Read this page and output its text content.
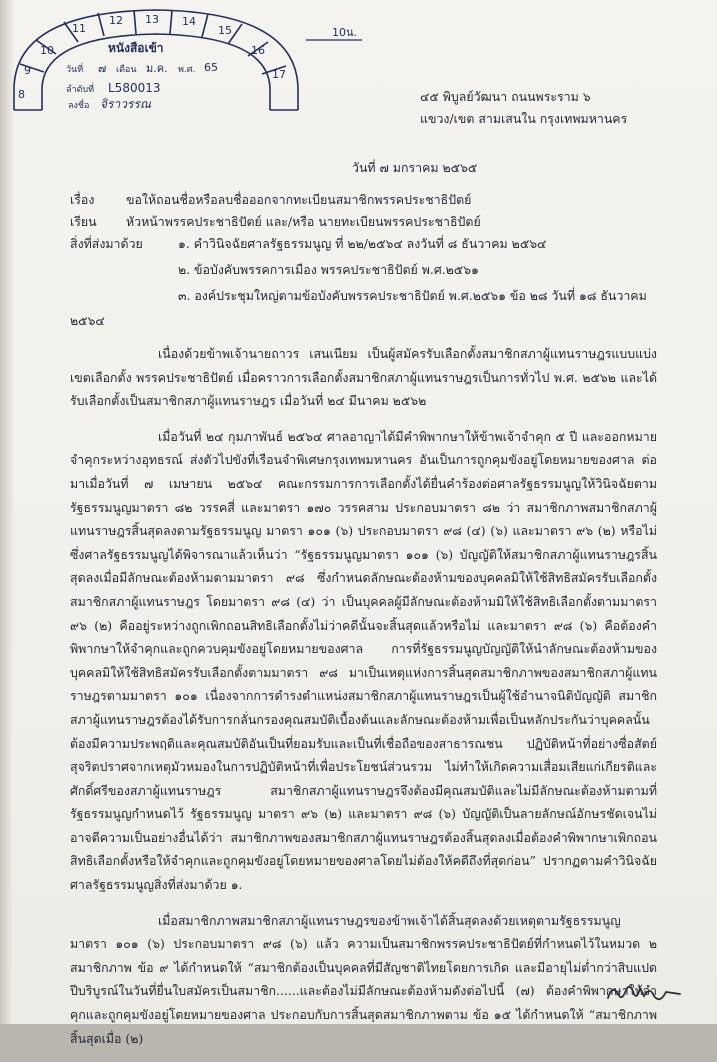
8
9
10
11
12 13 14
15
16
17
หนังสือเข้า
วันที่ ๗ เดือน ม.ค. พ.ศ. 65
ลำดับที่ L580013
ลงชื่อ จิราวรรณ
10น.
๔๕ พิบูลย์วัฒนา ถนนพระราม ๖
แขวง/เขต สามเสนใน กรุงเทพมหานคร
วันที่ ๗ มกราคม ๒๕๖๕
เรื่อง	ขอให้ถอนชื่อหรือลบชื่อออกจากทะเบียนสมาชิกพรรคประชาธิปัตย์
เรียน หัวหน้าพรรคประชาธิปัตย์ และ/หรือ นายทะเบียนพรรคประชาธิปัตย์
สิ่งที่ส่งมาด้วย	๑. คำวินิจฉัยศาลรัฐธรรมนูญ ที่ ๒๒/๒๕๖๔ ลงวันที่ ๘ ธันวาคม ๒๕๖๔
๒. ข้อบังคับพรรคการเมือง พรรคประชาธิปัตย์ พ.ศ.๒๕๖๑
๓. องค์ประชุมใหญ่ตามข้อบังคับพรรคประชาธิปัตย์ พ.ศ.๒๕๖๑ ข้อ ๒๘ วันที่ ๑๘ ธันวาคม
๒๕๖๔

เนื่องด้วยข้าพเจ้านายถาวร เสนเนียม เป็นผู้สมัครรับเลือกตั้งสมาชิกสภาผู้แทนราษฎรแบบแบ่งเขตเลือกตั้ง พรรคประชาธิปัตย์ เมื่อคราวการเลือกตั้งสมาชิกสภาผู้แทนราษฎรเป็นการทั่วไป พ.ศ. ๒๕๖๒ และได้รับเลือกตั้งเป็นสมาชิกสภาผู้แทนราษฎร เมื่อวันที่ ๒๔ มีนาคม ๒๕๖๒

เมื่อวันที่ ๒๔ กุมภาพันธ์ ๒๕๖๔ ศาลอาญาได้มีคำพิพากษาให้ข้าพเจ้าจำคุก ๕ ปี และออกหมายจำคุกระหว่างอุทธรณ์ ส่งตัวไปขังที่เรือนจำพิเศษกรุงเทพมหานคร อันเป็นการถูกคุมขังอยู่โดยหมายของศาล ต่อมาเมื่อวันที่ ๗ เมษายน ๒๕๖๔ คณะกรรมการการเลือกตั้งได้ยื่นคำร้องต่อศาลรัฐธรรมนูญให้วินิจฉัยตามรัฐธรรมนูญมาตรา ๘๒ วรรคสี่ และมาตรา ๑๗๐ วรรคสาม ประกอบมาตรา ๘๒ ว่า สมาชิกภาพสมาชิกสภาผู้แทนราษฎรสิ้นสุดลงตามรัฐธรรมนูญ มาตรา ๑๐๑ (๖) ประกอบมาตรา ๙๘ (๔) (๖) และมาตรา ๙๖ (๒) หรือไม่ ซึ่งศาลรัฐธรรมนูญได้พิจารณาแล้วเห็นว่า “รัฐธรรมนูญมาตรา ๑๐๑ (๖) บัญญัติให้สมาชิกสภาผู้แทนราษฎรสิ้นสุดลงเมื่อมีลักษณะต้องห้ามตามมาตรา ๙๘ ซึ่งกำหนดลักษณะต้องห้ามของบุคคลมิให้ใช้สิทธิสมัครรับเลือกตั้งสมาชิกสภาผู้แทนราษฎร โดยมาตรา ๙๘ (๔) ว่า เป็นบุคคลผู้มีลักษณะต้องห้ามมิให้ใช้สิทธิเลือกตั้งตามมาตรา ๙๖ (๒) คืออยู่ระหว่างถูกเพิกถอนสิทธิเลือกตั้งไม่ว่าคดีนั้นจะสิ้นสุดแล้วหรือไม่ และมาตรา ๙๘ (๖) คือต้องคำพิพากษาให้จำคุกและถูกควบคุมขังอยู่โดยหมายของศาล การที่รัฐธรรมนูญบัญญัติให้นำลักษณะต้องห้ามของบุคคลมิให้ใช้สิทธิสมัครรับเลือกตั้งตามมาตรา ๙๘ มาเป็นเหตุแห่งการสิ้นสุดสมาชิกภาพของสมาชิกสภาผู้แทนราษฎรตามมาตรา ๑๐๑ เนื่องจากการดำรงตำแหน่งสมาชิกสภาผู้แทนราษฎรเป็นผู้ใช้อำนาจนิติบัญญัติ สมาชิกสภาผู้แทนราษฎรต้องได้รับการกลั่นกรองคุณสมบัติเบื้องต้นและลักษณะต้องห้ามเพื่อเป็นหลักประกันว่าบุคคลนั้นต้องมีความประพฤติและคุณสมบัติอันเป็นที่ยอมรับและเป็นที่เชื่อถือของสาธารณชน ปฏิบัติหน้าที่อย่างซื่อสัตย์สุจริตปราศจากเหตุมัวหมองในการปฏิบัติหน้าที่เพื่อประโยชน์ส่วนรวม ไม่ทำให้เกิดความเสื่อมเสียแก่เกียรติและศักดิ์ศรีของสภาผู้แทนราษฎร สมาชิกสภาผู้แทนราษฎรจึงต้องมีคุณสมบัติและไม่มีลักษณะต้องห้ามตามที่รัฐธรรมนูญกำหนดไว้ รัฐธรรมนูญ มาตรา ๙๖ (๒) และมาตรา ๙๘ (๖) บัญญัติเป็นลายลักษณ์อักษรชัดเจนไม่อาจตีความเป็นอย่างอื่นได้ว่า สมาชิกภาพของสมาชิกสภาผู้แทนราษฎรต้องสิ้นสุดลงเมื่อต้องคำพิพากษาเพิกถอนสิทธิเลือกตั้งหรือให้จำคุกและถูกคุมขังอยู่โดยหมายของศาลโดยไม่ต้องให้คดีถึงที่สุดก่อน” ปรากฏตามคำวินิจฉัยศาลรัฐธรรมนูญสิ่งที่ส่งมาด้วย ๑.

เมื่อสมาชิกภาพสมาชิกสภาผู้แทนราษฎรของข้าพเจ้าได้สิ้นสุดลงด้วยเหตุตามรัฐธรรมนูญ มาตรา ๑๐๑ (๖) ประกอบมาตรา ๙๘ (๖) แล้ว ความเป็นสมาชิกพรรคประชาธิปัตย์ที่กำหนดไว้ในหมวด ๒ สมาชิกภาพ ข้อ ๙ ได้กำหนดให้ “สมาชิกต้องเป็นบุคคลที่มีสัญชาติไทยโดยการเกิด และมีอายุไม่ต่ำกว่าสิบแปดปีบริบูรณ์ในวันที่ยื่นใบสมัครเป็นสมาชิก......และต้องไม่มีลักษณะต้องห้ามดังต่อไปนี้ (๗) ต้องคำพิพากษาให้จำคุกและถูกคุมขังอยู่โดยหมายของศาล ประกอบกับการสิ้นสุดสมาชิกภาพตาม ข้อ ๑๕ ได้กำหนดให้ “สมาชิกภาพสิ้นสุดเมื่อ (๒)
